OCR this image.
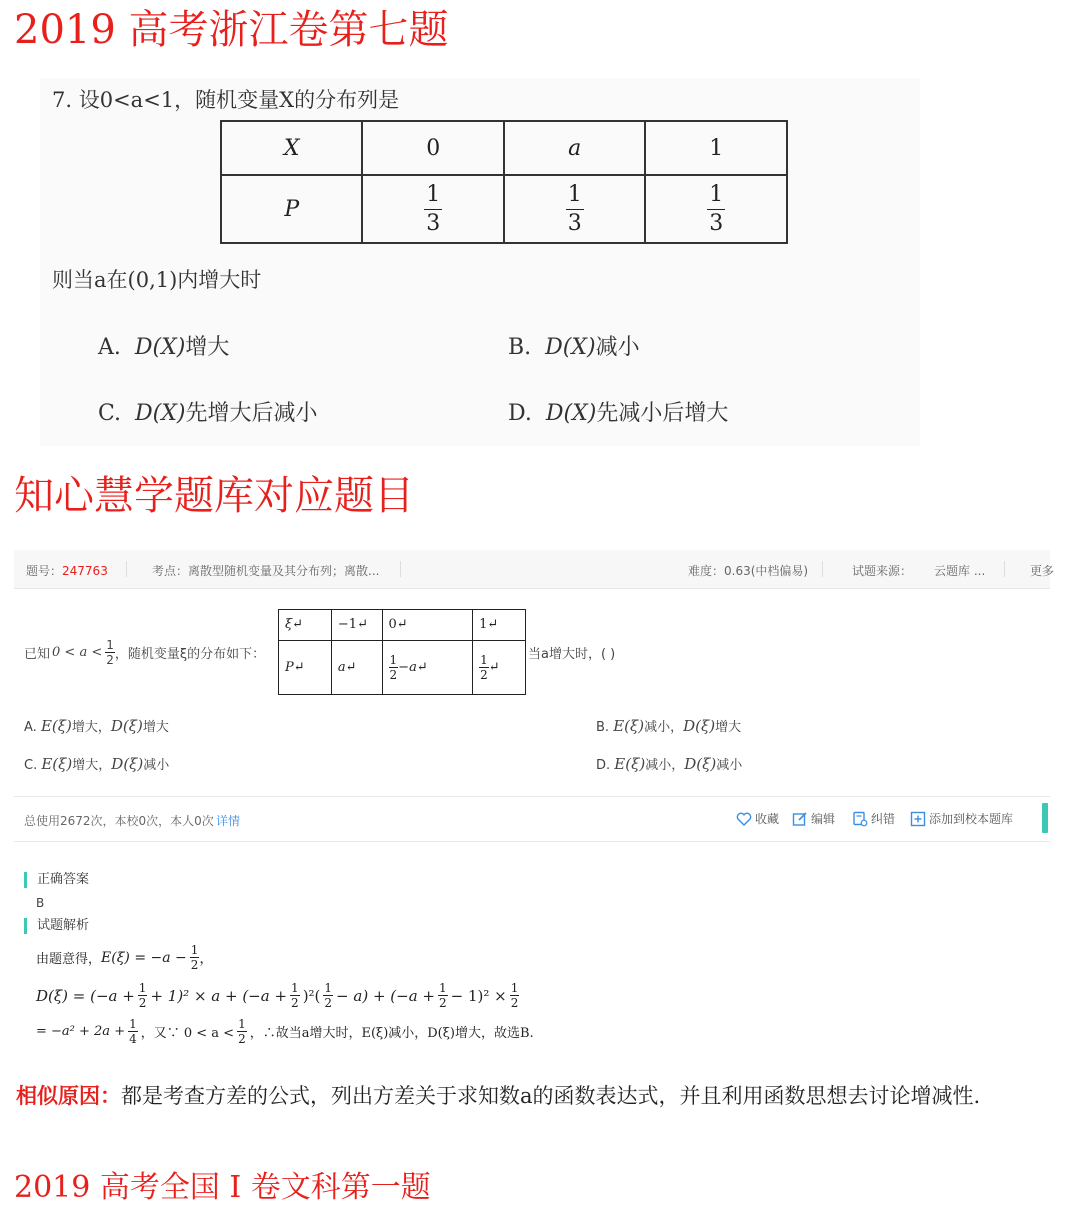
2019 高考浙江卷第七题
7. 设0<a<1，随机变量X的分布列是
X	0	a	1
P	$\frac{1}{3}$	$\frac{1}{3}$	$\frac{1}{3}$
则当a在(0,1)内增大时
A. D(X)增大	B. D(X)减小
C. D(X)先增大后减小	D. D(X)先减小后增大
知心慧学题库对应题目
题号：247763	考点：离散型随机变量及其分布列；离散...	难度：0.63(中档偏易)	试题来源： 云题库 ...	更多
已知 0 < a < 1
2 ，随机变量ξ的分布如下：
ξ↵	−1↵	0↵	1↵
P↵	a↵	$\frac{1}{2}$ −a↵	$\frac{1}{2}$ ↵
当a增大时，( )
A. E(ξ)增大，D(ξ)增大	B. E(ξ)减小，D(ξ)增大
C. E(ξ)增大，D(ξ)减小	D. E(ξ)减小，D(ξ)减小
总使用2672次，本校0次，本人0次 详情	收藏	编辑	纠错	添加到校本题库
正确答案
B
试题解析
由题意得， $E(\xi) = -a - \frac{1}{2}$ ，
$D(\xi) = (-a + \frac{1}{2} + 1)^2 \times a + (-a + \frac{1}{2} )^2$( 1
$2 - a) + (-a + \frac{1}{2} - 1)^2 \times \frac{1}{2}$
= $-a^2 + 2a + \frac{1}{4}$ ，又∵ 0 < a <
1
2 ，∴故当a增大时，E(ξ)减小，D(ξ)增大，故选B.
相似原因：都是考查方差的公式，列出方差关于求知数a的函数表达式，并且利用函数思想去讨论增减性.
2019 高考全国 I 卷文科第一题
